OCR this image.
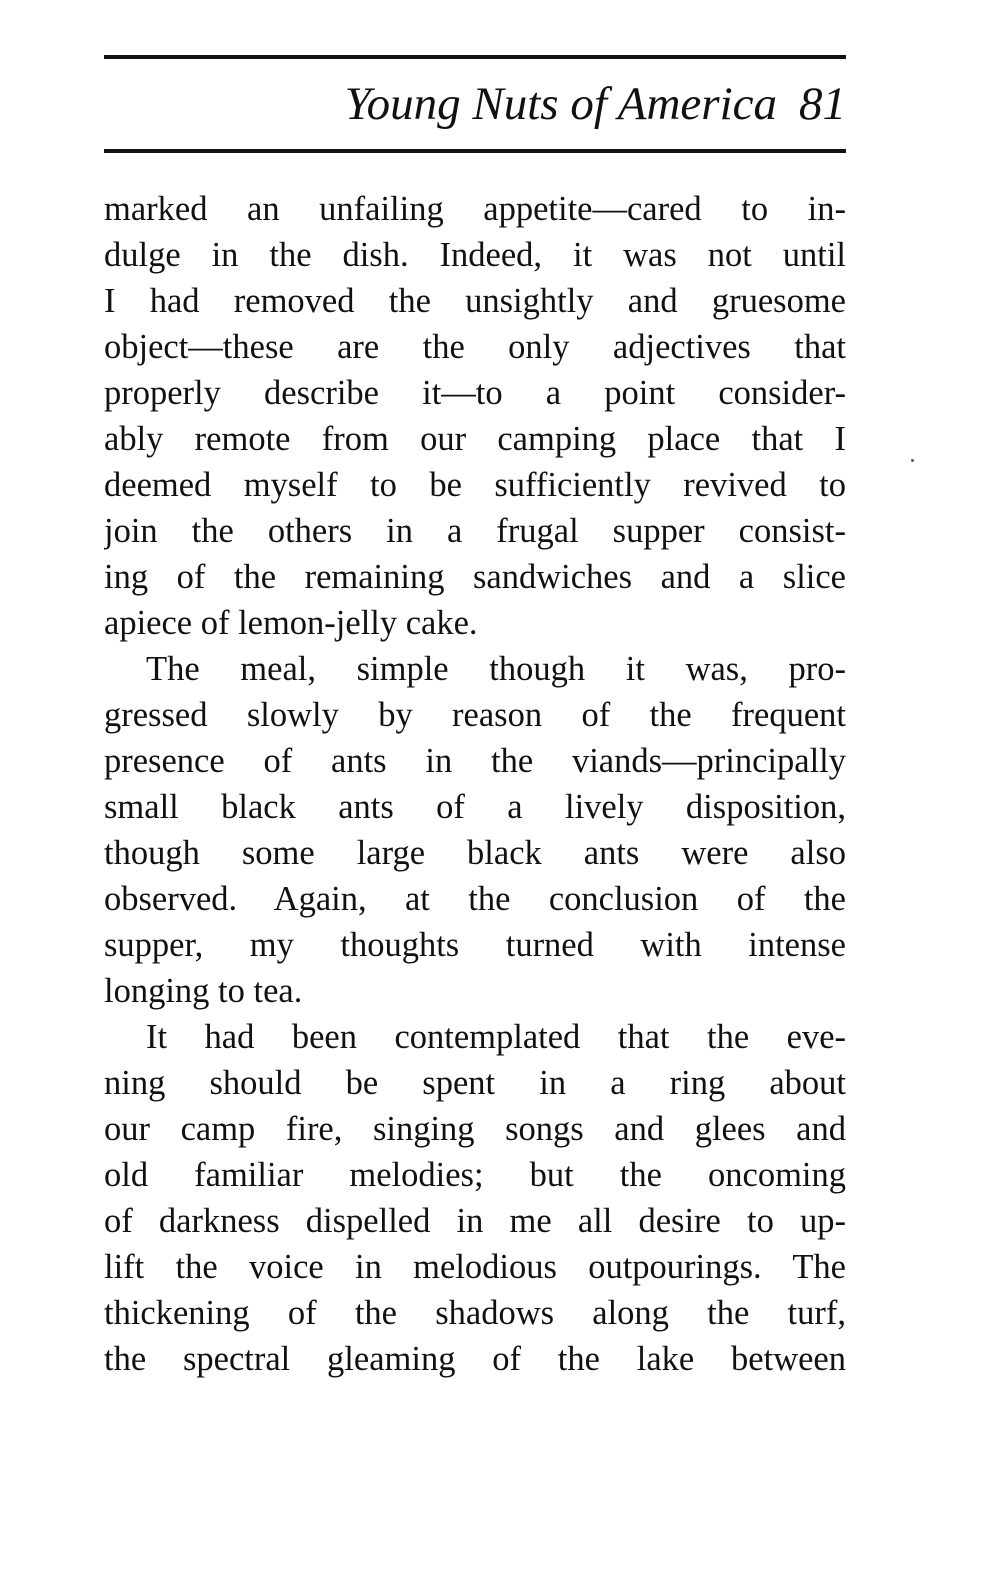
Young Nuts of America 81
marked an unfailing appetite—cared to in-
dulge in the dish. Indeed, it was not until
I had removed the unsightly and gruesome
object—these are the only adjectives that
properly describe it—to a point consider-
ably remote from our camping place that I
deemed myself to be sufficiently revived to
join the others in a frugal supper consist-
ing of the remaining sandwiches and a slice
apiece of lemon-jelly cake.
The meal, simple though it was, pro-
gressed slowly by reason of the frequent
presence of ants in the viands—principally
small black ants of a lively disposition,
though some large black ants were also
observed. Again, at the conclusion of the
supper, my thoughts turned with intense
longing to tea.
It had been contemplated that the eve-
ning should be spent in a ring about
our camp fire, singing songs and glees and
old familiar melodies; but the oncoming
of darkness dispelled in me all desire to up-
lift the voice in melodious outpourings. The
thickening of the shadows along the turf,
the spectral gleaming of the lake between
